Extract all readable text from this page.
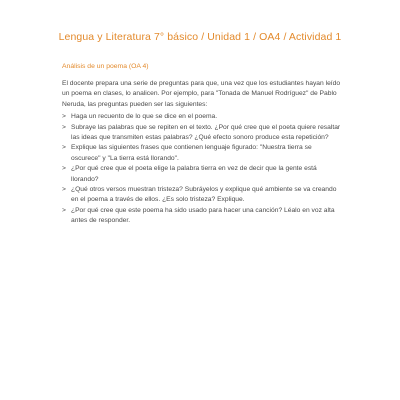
Lengua y Literatura 7° básico / Unidad 1 / OA4 / Actividad 1
Análisis de un poema (OA 4)

El docente prepara una serie de preguntas para que, una vez que los estudiantes hayan leído un poema en clases, lo analicen. Por ejemplo, para "Tonada de Manuel Rodríguez" de Pablo Neruda, las preguntas pueden ser las siguientes:

> Haga un recuento de lo que se dice en el poema.
> Subraye las palabras que se repiten en el texto. ¿Por qué cree que el poeta quiere resaltar las ideas que transmiten estas palabras? ¿Qué efecto sonoro produce esta repetición?
> Explique las siguientes frases que contienen lenguaje figurado: "Nuestra tierra se oscurece" y "La tierra está llorando".
> ¿Por qué cree que el poeta elige la palabra tierra en vez de decir que la gente está llorando?
> ¿Qué otros versos muestran tristeza? Subráyelos y explique qué ambiente se va creando en el poema a través de ellos. ¿Es solo tristeza? Explique.
> ¿Por qué cree que este poema ha sido usado para hacer una canción? Léalo en voz alta antes de responder.
